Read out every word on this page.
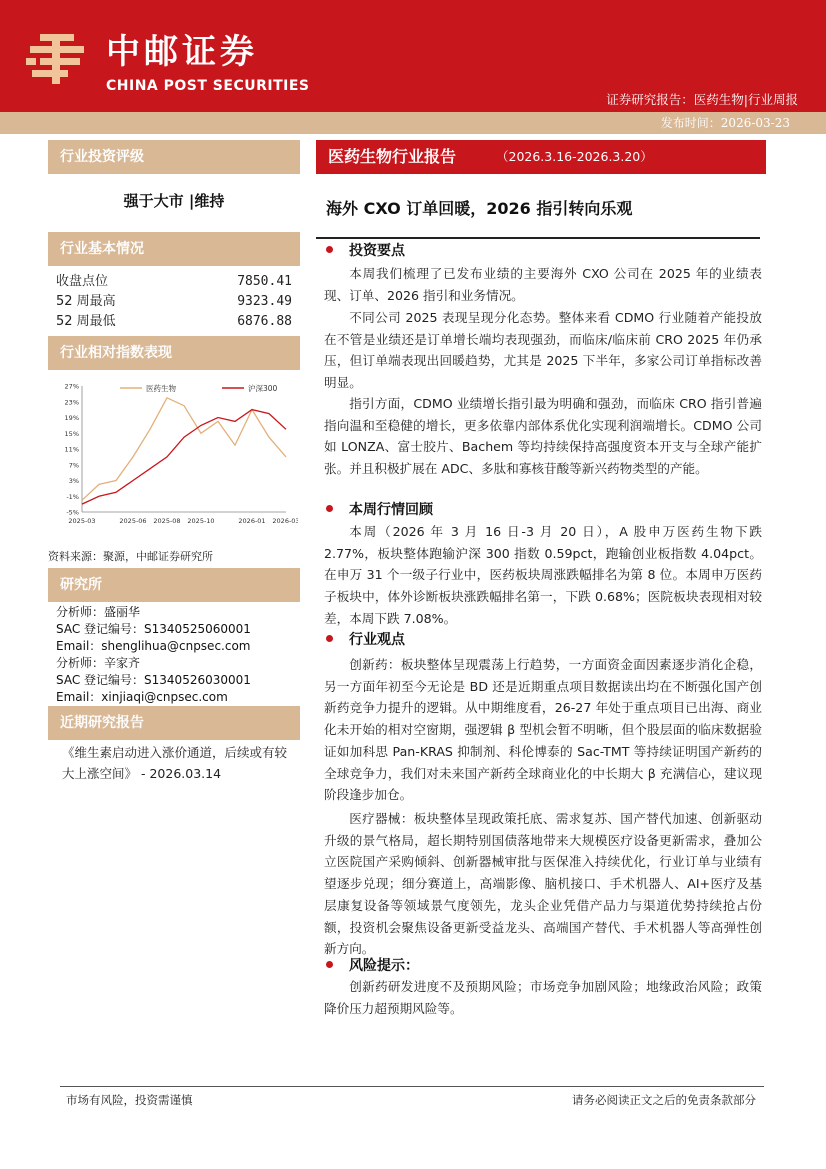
中邮证券
CHINA POST SECURITIES
证券研究报告：医药生物|行业周报
发布时间：2026-03-23
行业投资评级
强于大市 |维持
行业基本情况
收盘点位	7850.41
52 周最高	9323.49
52 周最低	6876.88
行业相对指数表现
27%
23%
19%
15%
11%
7%
3%
-1%
-5%
2025-03	2025-06 2025-08 2025-10	2026-01 2026-03
医药生物	沪深300
资料来源：聚源，中邮证券研究所
研究所
分析师：盛丽华
SAC 登记编号：S1340525060001
Email：shenglihua@cnpsec.com
分析师：辛家齐
SAC 登记编号：S1340526030001
Email：xinjiaqi@cnpsec.com
近期研究报告
《维生素启动进入涨价通道，后续或有较大上涨空间》 - 2026.03.14
医药生物行业报告	（2026.3.16-2026.3.20）
海外 CXO 订单回暖，2026 指引转向乐观
投资要点
本周我们梳理了已发布业绩的主要海外 CXO 公司在 2025 年的业绩表现、订单、2026 指引和业务情况。
不同公司 2025 表现呈现分化态势。整体来看 CDMO 行业随着产能投放在不管是业绩还是订单增长端均表现强劲，而临床/临床前 CRO 2025 年仍承压，但订单端表现出回暖趋势，尤其是 2025 下半年，多家公司订单指标改善明显。
指引方面，CDMO 业绩增长指引最为明确和强劲，而临床 CRO 指引普遍指向温和至稳健的增长，更多依靠内部体系优化实现利润端增长。CDMO 公司如 LONZA、富士胶片、Bachem 等均持续保持高强度资本开支与全球产能扩张。并且积极扩展在 ADC、多肽和寡核苷酸等新兴药物类型的产能。
本周行情回顾
本周（2026 年 3 月 16 日-3 月 20 日），A 股申万医药生物下跌 2.77%，板块整体跑输沪深 300 指数 0.59pct，跑输创业板指数 4.04pct。在申万 31 个一级子行业中，医药板块周涨跌幅排名为第 8 位。本周申万医药子板块中，体外诊断板块涨跌幅排名第一，下跌 0.68%；医院板块表现相对较差，本周下跌 7.08%。
行业观点
创新药：板块整体呈现震荡上行趋势，一方面资金面因素逐步消化企稳，另一方面年初至今无论是 BD 还是近期重点项目数据读出均在不断强化国产创新药竞争力提升的逻辑。从中期维度看，26-27 年处于重点项目已出海、商业化未开始的相对空窗期，强逻辑 β 型机会暂不明晰，但个股层面的临床数据验证如加科思 Pan-KRAS 抑制剂、科伦博泰的 Sac-TMT 等持续证明国产新药的全球竞争力，我们对未来国产新药全球商业化的中长期大 β 充满信心，建议现阶段逢步加仓。
医疗器械：板块整体呈现政策托底、需求复苏、国产替代加速、创新驱动升级的景气格局，超长期特别国债落地带来大规模医疗设备更新需求，叠加公立医院国产采购倾斜、创新器械审批与医保准入持续优化，行业订单与业绩有望逐步兑现；细分赛道上，高端影像、脑机接口、手术机器人、AI+医疗及基层康复设备等领域景气度领先，龙头企业凭借产品力与渠道优势持续抢占份额，投资机会聚焦设备更新受益龙头、高端国产替代、手术机器人等高弹性创新方向。
风险提示：
创新药研发进度不及预期风险；市场竞争加剧风险；地缘政治风险；政策降价压力超预期风险等。
市场有风险，投资需谨慎	请务必阅读正文之后的免责条款部分
